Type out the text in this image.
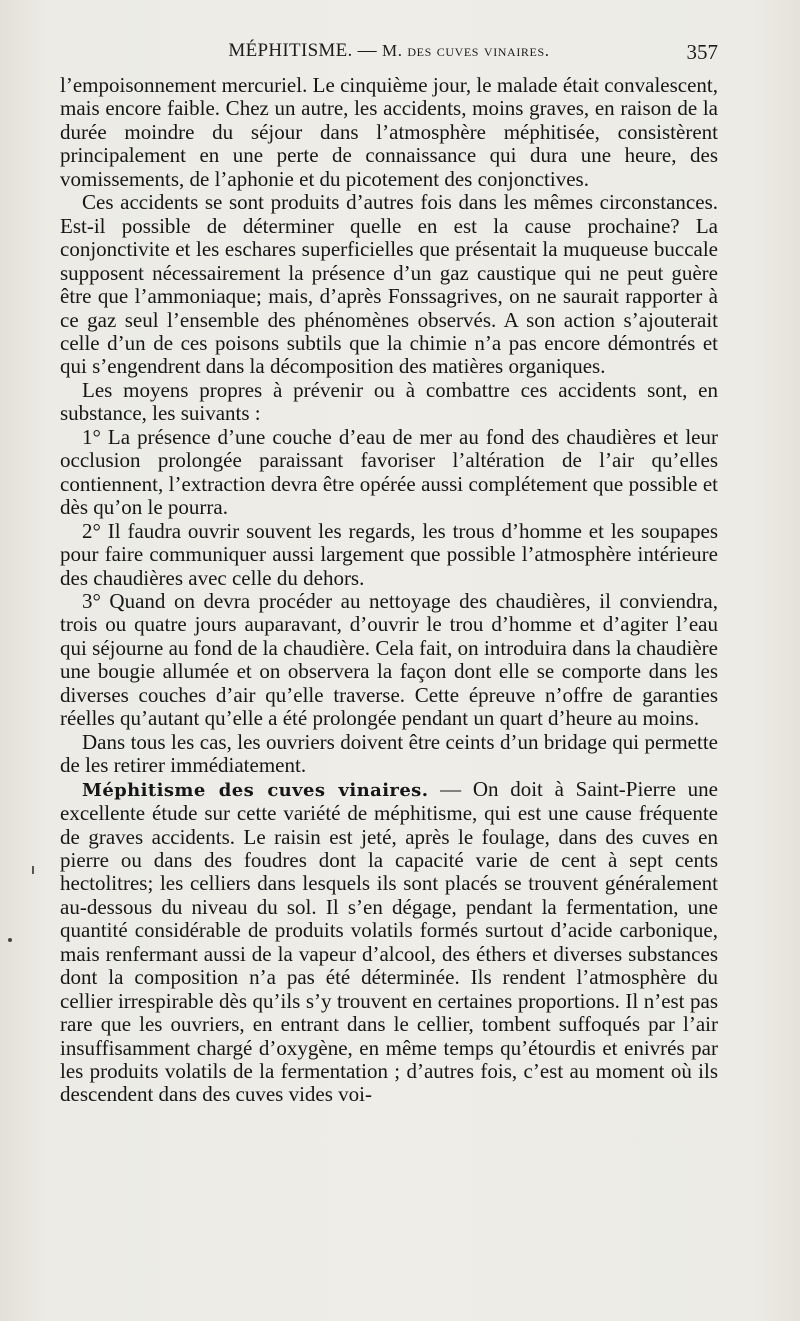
MÉPHITISME. — M. des cuves vinaires.	357

l’empoisonnement mercuriel. Le cinquième jour, le malade était convalescent, mais encore faible. Chez un autre, les accidents, moins graves, en raison de la durée moindre du séjour dans l’atmosphère méphitisée, consistèrent principalement en une perte de connaissance qui dura une heure, des vomissements, de l’aphonie et du picotement des conjonctives.

Ces accidents se sont produits d’autres fois dans les mêmes circonstances. Est-il possible de déterminer quelle en est la cause prochaine? La conjonctivite et les eschares superficielles que présentait la muqueuse buccale supposent nécessairement la présence d’un gaz caustique qui ne peut guère être que l’ammoniaque; mais, d’après Fonssagrives, on ne saurait rapporter à ce gaz seul l’ensemble des phénomènes observés. A son action s’ajouterait celle d’un de ces poisons subtils que la chimie n’a pas encore démontrés et qui s’engendrent dans la décomposition des matières organiques.

Les moyens propres à prévenir ou à combattre ces accidents sont, en substance, les suivants :

1° La présence d’une couche d’eau de mer au fond des chaudières et leur occlusion prolongée paraissant favoriser l’altération de l’air qu’elles contiennent, l’extraction devra être opérée aussi complétement que possible et dès qu’on le pourra.

2° Il faudra ouvrir souvent les regards, les trous d’homme et les soupapes pour faire communiquer aussi largement que possible l’atmosphère intérieure des chaudières avec celle du dehors.

3° Quand on devra procéder au nettoyage des chaudières, il conviendra, trois ou quatre jours auparavant, d’ouvrir le trou d’homme et d’agiter l’eau qui séjourne au fond de la chaudière. Cela fait, on introduira dans la chaudière une bougie allumée et on observera la façon dont elle se comporte dans les diverses couches d’air qu’elle traverse. Cette épreuve n’offre de garanties réelles qu’autant qu’elle a été prolongée pendant un quart d’heure au moins.

Dans tous les cas, les ouvriers doivent être ceints d’un bridage qui permette de les retirer immédiatement.

Méphitisme des cuves vinaires. — On doit à Saint-Pierre une excellente étude sur cette variété de méphitisme, qui est une cause fréquente de graves accidents. Le raisin est jeté, après le foulage, dans des cuves en pierre ou dans des foudres dont la capacité varie de cent à sept cents hectolitres; les celliers dans lesquels ils sont placés se trouvent généralement au-dessous du niveau du sol. Il s’en dégage, pendant la fermentation, une quantité considérable de produits volatils formés surtout d’acide carbonique, mais renfermant aussi de la vapeur d’alcool, des éthers et diverses substances dont la composition n’a pas été déterminée. Ils rendent l’atmosphère du cellier irrespirable dès qu’ils s’y trouvent en certaines proportions. Il n’est pas rare que les ouvriers, en entrant dans le cellier, tombent suffoqués par l’air insuffisamment chargé d’oxygène, en même temps qu’étourdis et enivrés par les produits volatils de la fermentation ; d’autres fois, c’est au moment où ils descendent dans des cuves vides voi-
